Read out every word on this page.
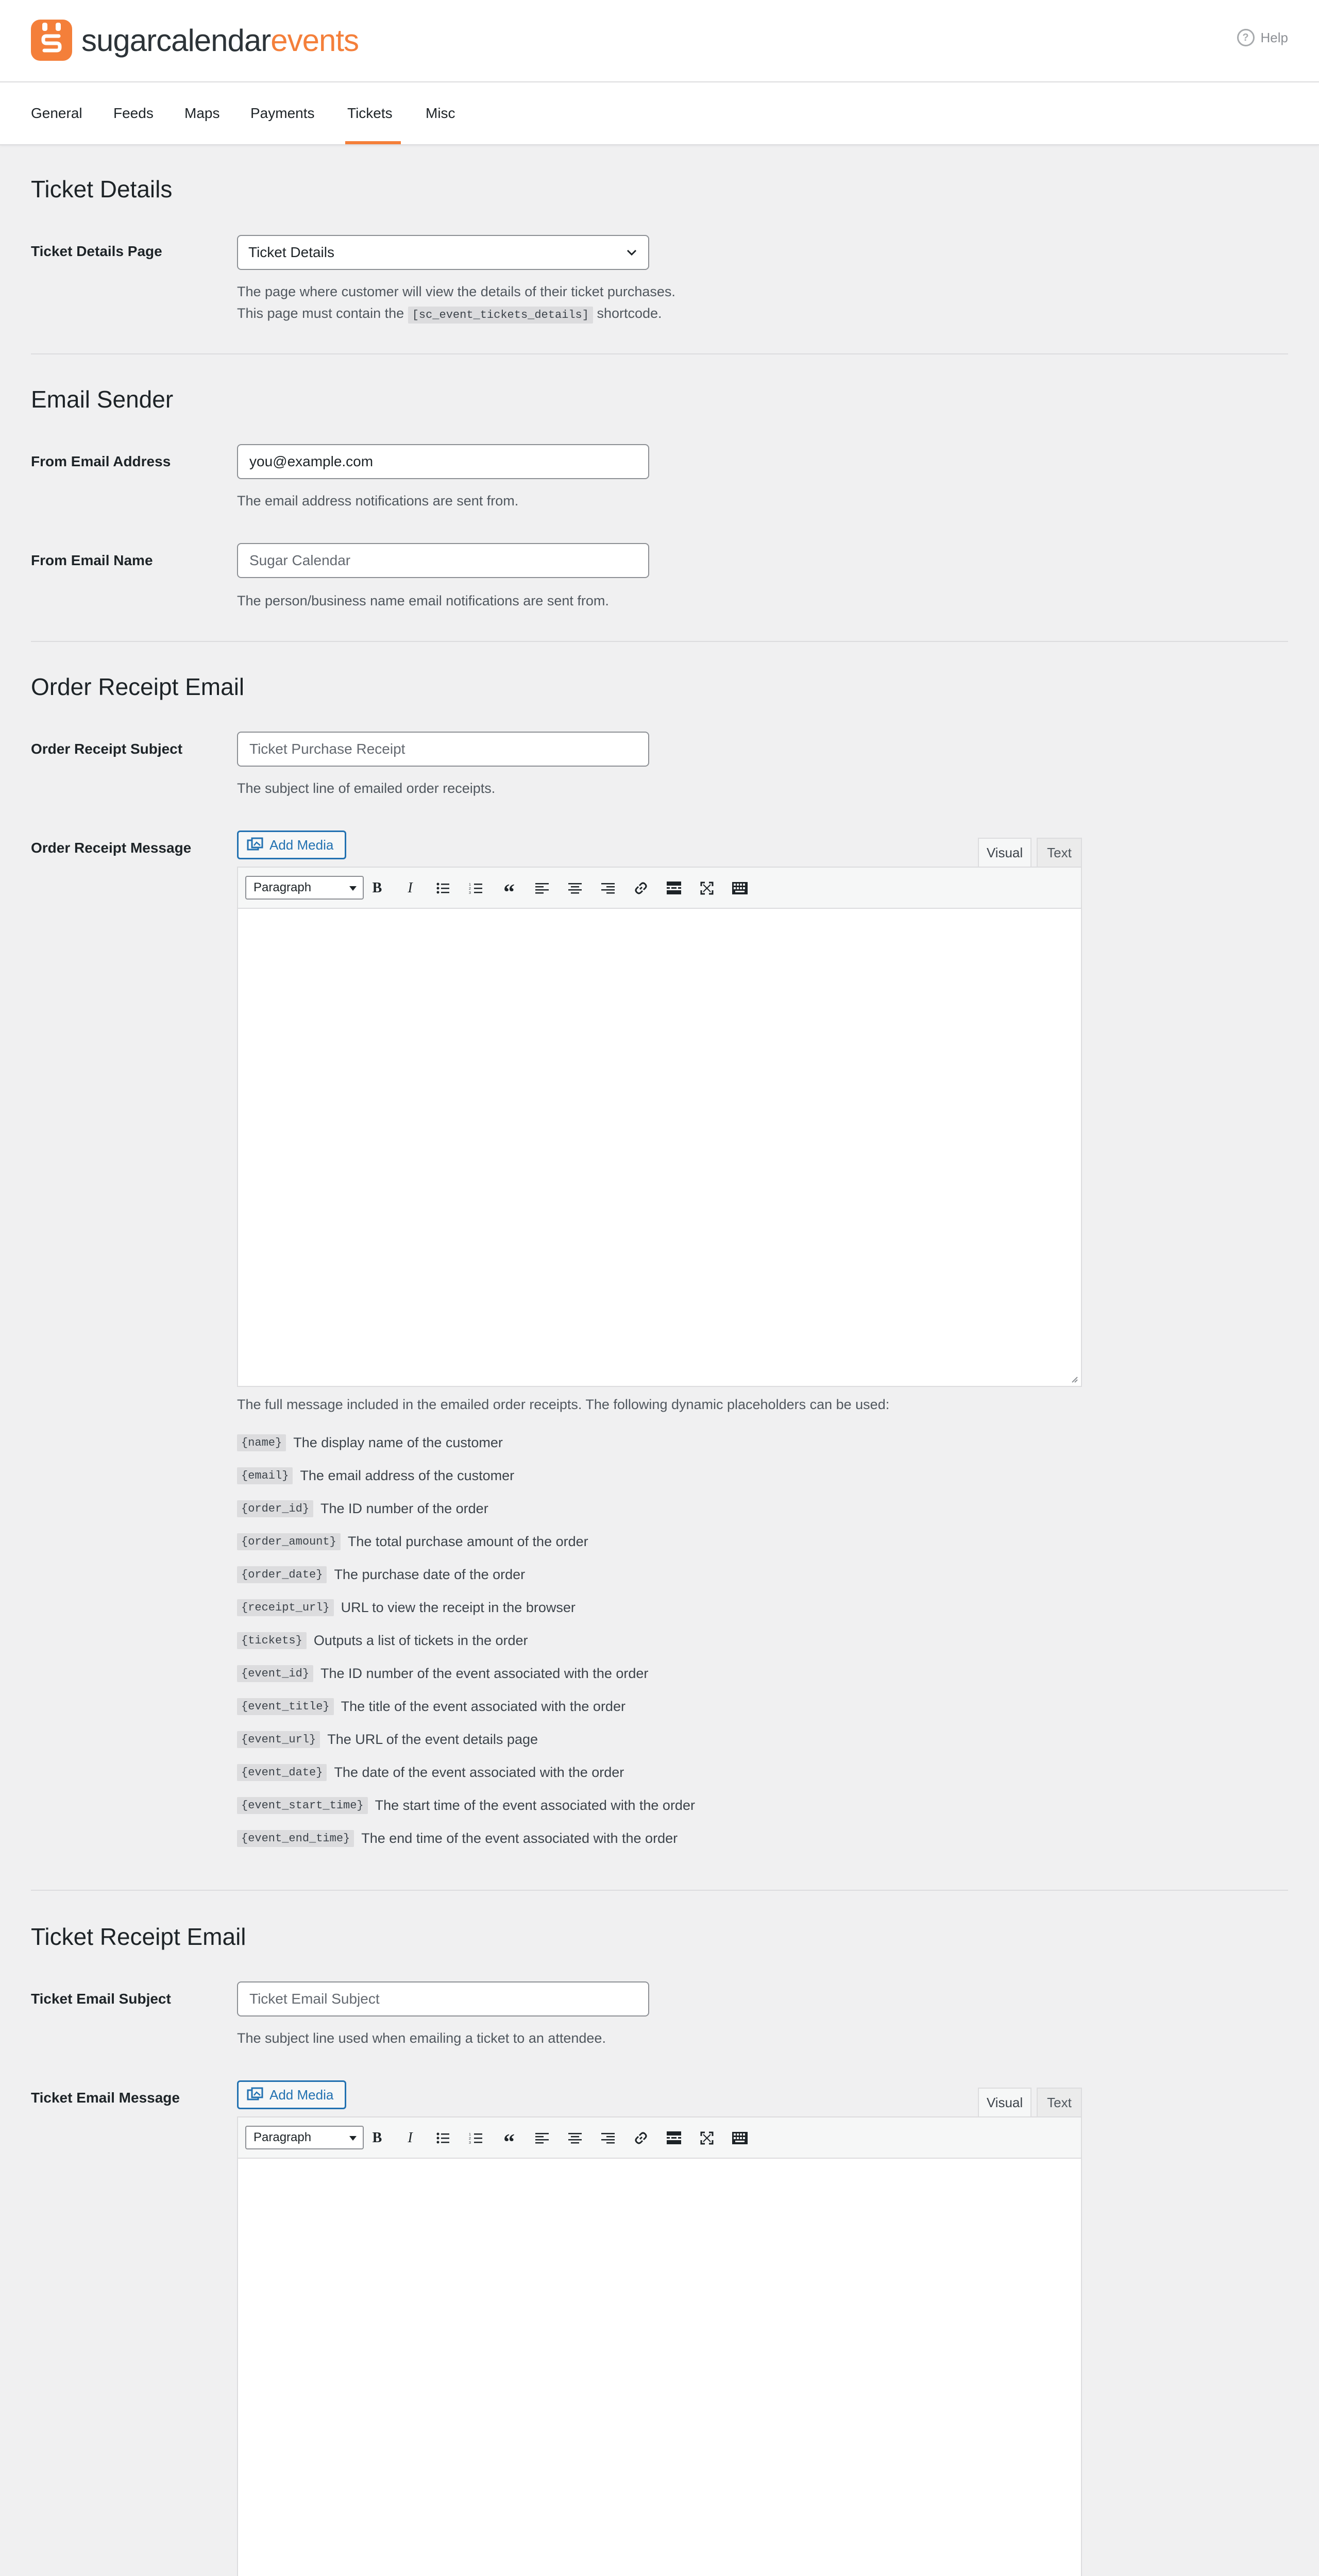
sugarcalendarevents	? Help
General Feeds Maps Payments Tickets Misc
Ticket Details
Ticket Details Page	Ticket Details
The page where customer will view the details of their ticket purchases.
This page must contain the [sc_event_tickets_details] shortcode.
Email Sender
From Email Address	you@example.com
The email address notifications are sent from.
From Email Name	Sugar Calendar
The person/business name email notifications are sent from.
Order Receipt Email
Order Receipt Subject	Ticket Purchase Receipt
The subject line of emailed order receipts.
Order Receipt Message	Add Media	Visual	Text
Paragraph	B	I	1
2
3 “
The full message included in the emailed order receipts. The following dynamic placeholders can be used:
{name} The display name of the customer
{email} The email address of the customer
{order_id} The ID number of the order
{order_amount} The total purchase amount of the order
{order_date} The purchase date of the order
{receipt_url} URL to view the receipt in the browser
{tickets} Outputs a list of tickets in the order
{event_id} The ID number of the event associated with the order
{event_title} The title of the event associated with the order
{event_url} The URL of the event details page
{event_date} The date of the event associated with the order
{event_start_time} The start time of the event associated with the order
{event_end_time} The end time of the event associated with the order
Ticket Receipt Email
Ticket Email Subject	Ticket Email Subject
The subject line used when emailing a ticket to an attendee.
Ticket Email Message	Add Media	Visual	Text
Paragraph	B	I	1
2
3 “
